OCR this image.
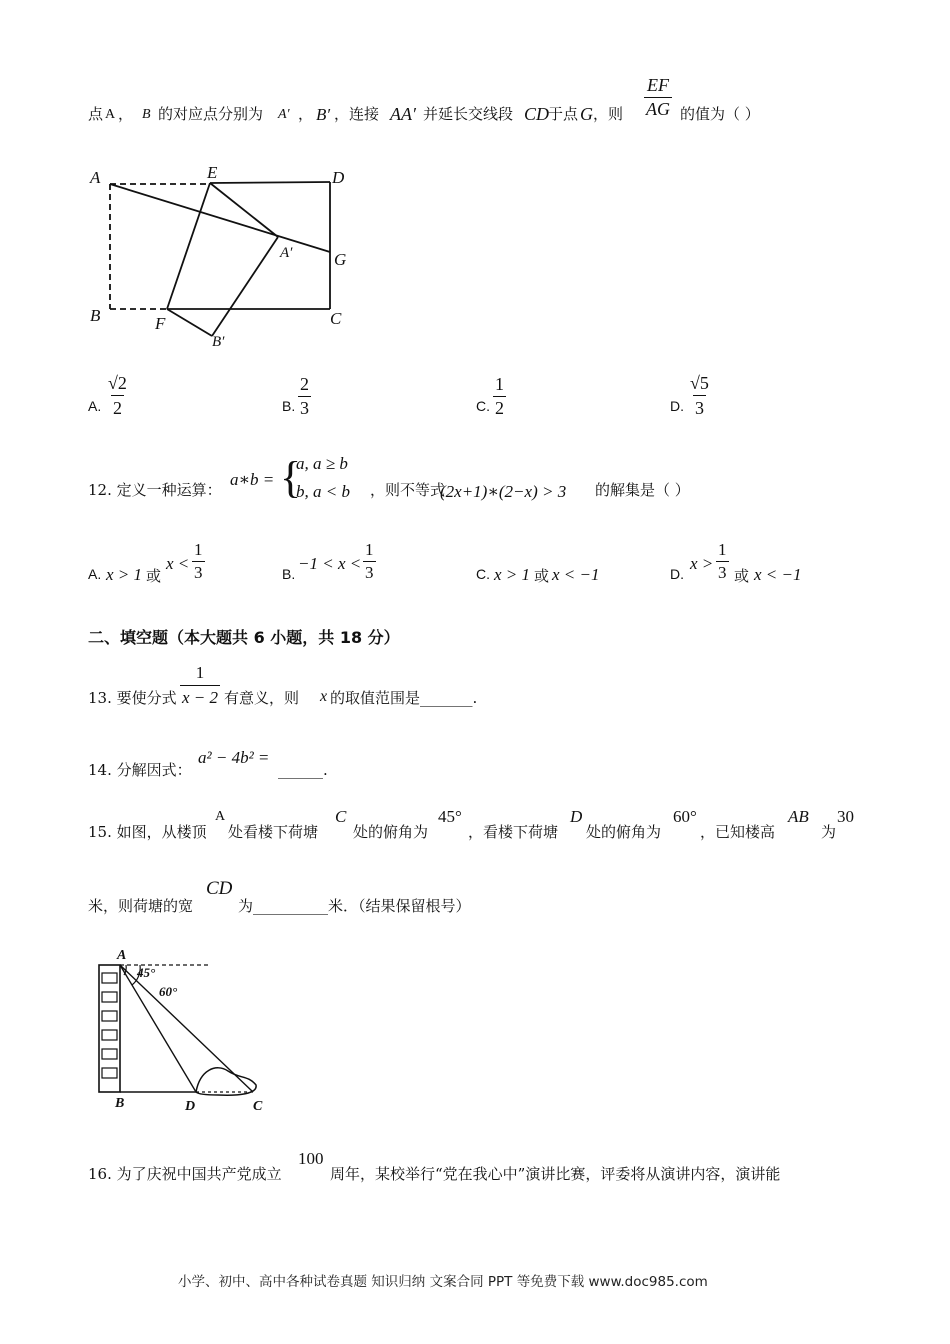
点 A ， B 的对应点分别为 A′ ， B′ ，连接 AA′ 并延长交线段 CD
于点 G ，则 $\frac{EF}{AG}$ 的值为（ ）
A	E	D
A′ G
B	F	C
B′
A. $\frac{√2}{2}$	B. $\frac{2}{3}$	C. $\frac{1}{2}$	D. $\frac{√5}{3}$
12. 定义一种运算：
a∗b = {
a, a ≥ b
b, a < b ，则不等式
(2x+1)∗(2−x) > 3 的解集是（ ）
A. x > 1 或
$x < \frac{1}{3}$	B.
$-1 < x < \frac{1}{3}$	C. x > 1 或 x < −1	D.
$x > \frac{1}{3}$ 或 x < −1
二、填空题（本大题共 6 小题，共 18 分）
13. 要使分式 $\frac{1}{x - 2}$ 有意义，则 x 的取值范围是_______.
14. 分解因式：
a² − 4b² =
______.
15. 如图，从楼顶
A
处看楼下荷塘
C
处的俯角为
45°
，看楼下荷塘
D
处的俯角为
60°
，已知楼高
AB
为
30
米，则荷塘的宽
CD
为__________米．（结果保留根号）
A
45°
60°
B	D	C
16. 为了庆祝中国共产党成立
100
周年，某校举行“党在我心中”演讲比赛，评委将从演讲内容，演讲能
小学、初中、高中各种试卷真题 知识归纳 文案合同 PPT 等免费下载 www.doc985.com
